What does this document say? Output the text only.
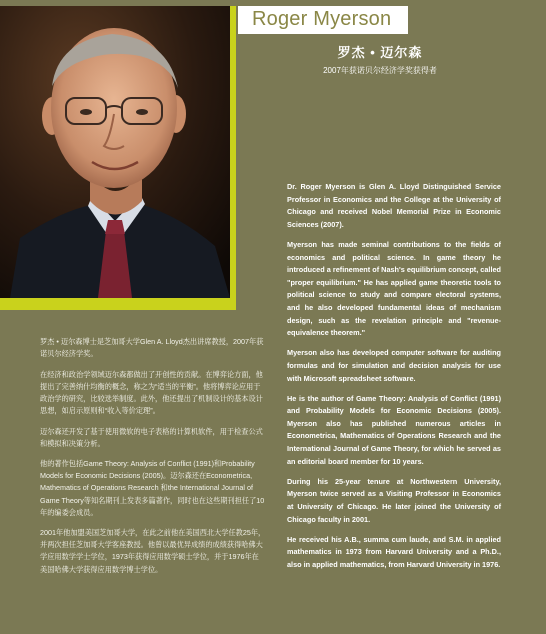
Roger Myerson
罗杰 • 迈尔森
2007年获诺贝尔经济学奖获得者

罗杰 • 迈尔森博士是芝加哥大学Glen A. Lloyd杰出讲席教授，2007年获诺贝尔经济学奖。

在经济和政治学领域迈尔森都做出了开创性的贡献。在博弈论方面，他提出了完善纳什均衡的概念，称之为“适当的平衡”。他将博弈论应用于政治学的研究，比较选举制度。此外，他还提出了机制设计的基本设计思想，如启示原则和“收入等价定理”。

迈尔森还开发了基于使用微软的电子表格的计算机软件，用于检查公式和模拟和决策分析。

他的著作包括Game Theory: Analysis of Conflict (1991)和Probability Models for Economic Decisions (2005)。迈尔森还在Econometrica, Mathematics of Operations Research 和the International Journal of Game Theory等知名期刊上发表多篇著作，同时也在这些期刊担任了10年的编委会成员。

2001年他加盟美国芝加哥大学，在此之前他在美国西北大学任教25年，并两次担任芝加哥大学客座教授。他曾以最优异成绩的成绩获得哈佛大学应用数学学士学位，1973年获得应用数学硕士学位，并于1976年在美国哈佛大学获得应用数学博士学位。

Dr. Roger Myerson is Glen A. Lloyd Distinguished Service Professor in Economics and the College at the University of Chicago and received Nobel Memorial Prize in Economic Sciences (2007).

Myerson has made seminal contributions to the fields of economics and political science. In game theory he introduced a refinement of Nash's equilibrium concept, called "proper equilibrium." He has applied game theoretic tools to political science to study and compare electoral systems, and he also developed fundamental ideas of mechanism design, such as the revelation principle and "revenue-equivalence theorem."

Myerson also has developed computer software for auditing formulas and for simulation and decision analysis for use with Microsoft spreadsheet software.

He is the author of Game Theory: Analysis of Conflict (1991) and Probability Models for Economic Decisions (2005). Myerson also has published numerous articles in Econometrica, Mathematics of Operations Research and the International Journal of Game Theory, for which he served as an editorial board member for 10 years.

During his 25-year tenure at Northwestern University, Myerson twice served as a Visiting Professor in Economics at University of Chicago. He later joined the University of Chicago faculty in 2001.

He received his A.B., summa cum laude, and S.M. in applied mathematics in 1973 from Harvard University and a Ph.D., also in applied mathematics, from Harvard University in 1976.
